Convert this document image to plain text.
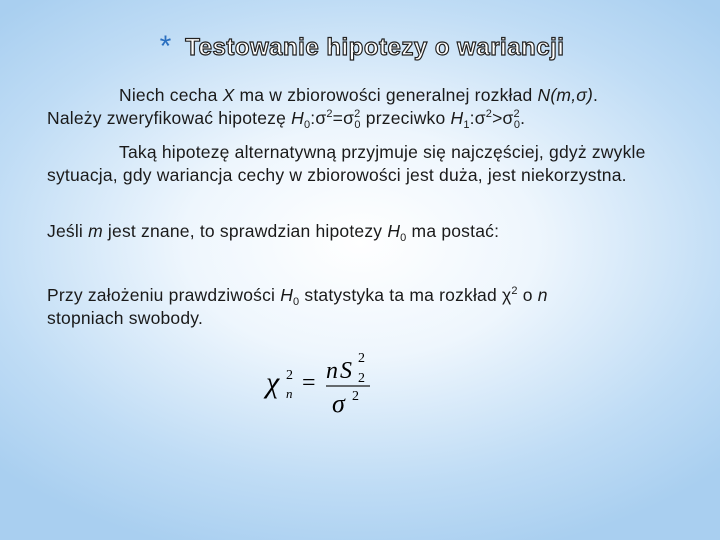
* Testowanie hipotezy o wariancji
Niech cecha X ma w zbiorowości generalnej rozkład N(m,σ).
Należy zweryfikować hipotezę $H_0:\sigma^2=\sigma^2_0$ przeciwko $H_1:\sigma^2>\sigma^2_0$.
Taką hipotezę alternatywną przyjmuje się najczęściej, gdyż zwykle sytuacja, gdy wariancja cechy w zbiorowości jest duża, jest niekorzystna.
Jeśli m jest znane, to sprawdzian hipotezy $H_0$ ma postać:
Przy założeniu prawdziwości $H_0$ statystyka ta ma rozkład $\chi^2$ o n
stopniach swobody.
χ 2
n = n S 2
2
σ 2
